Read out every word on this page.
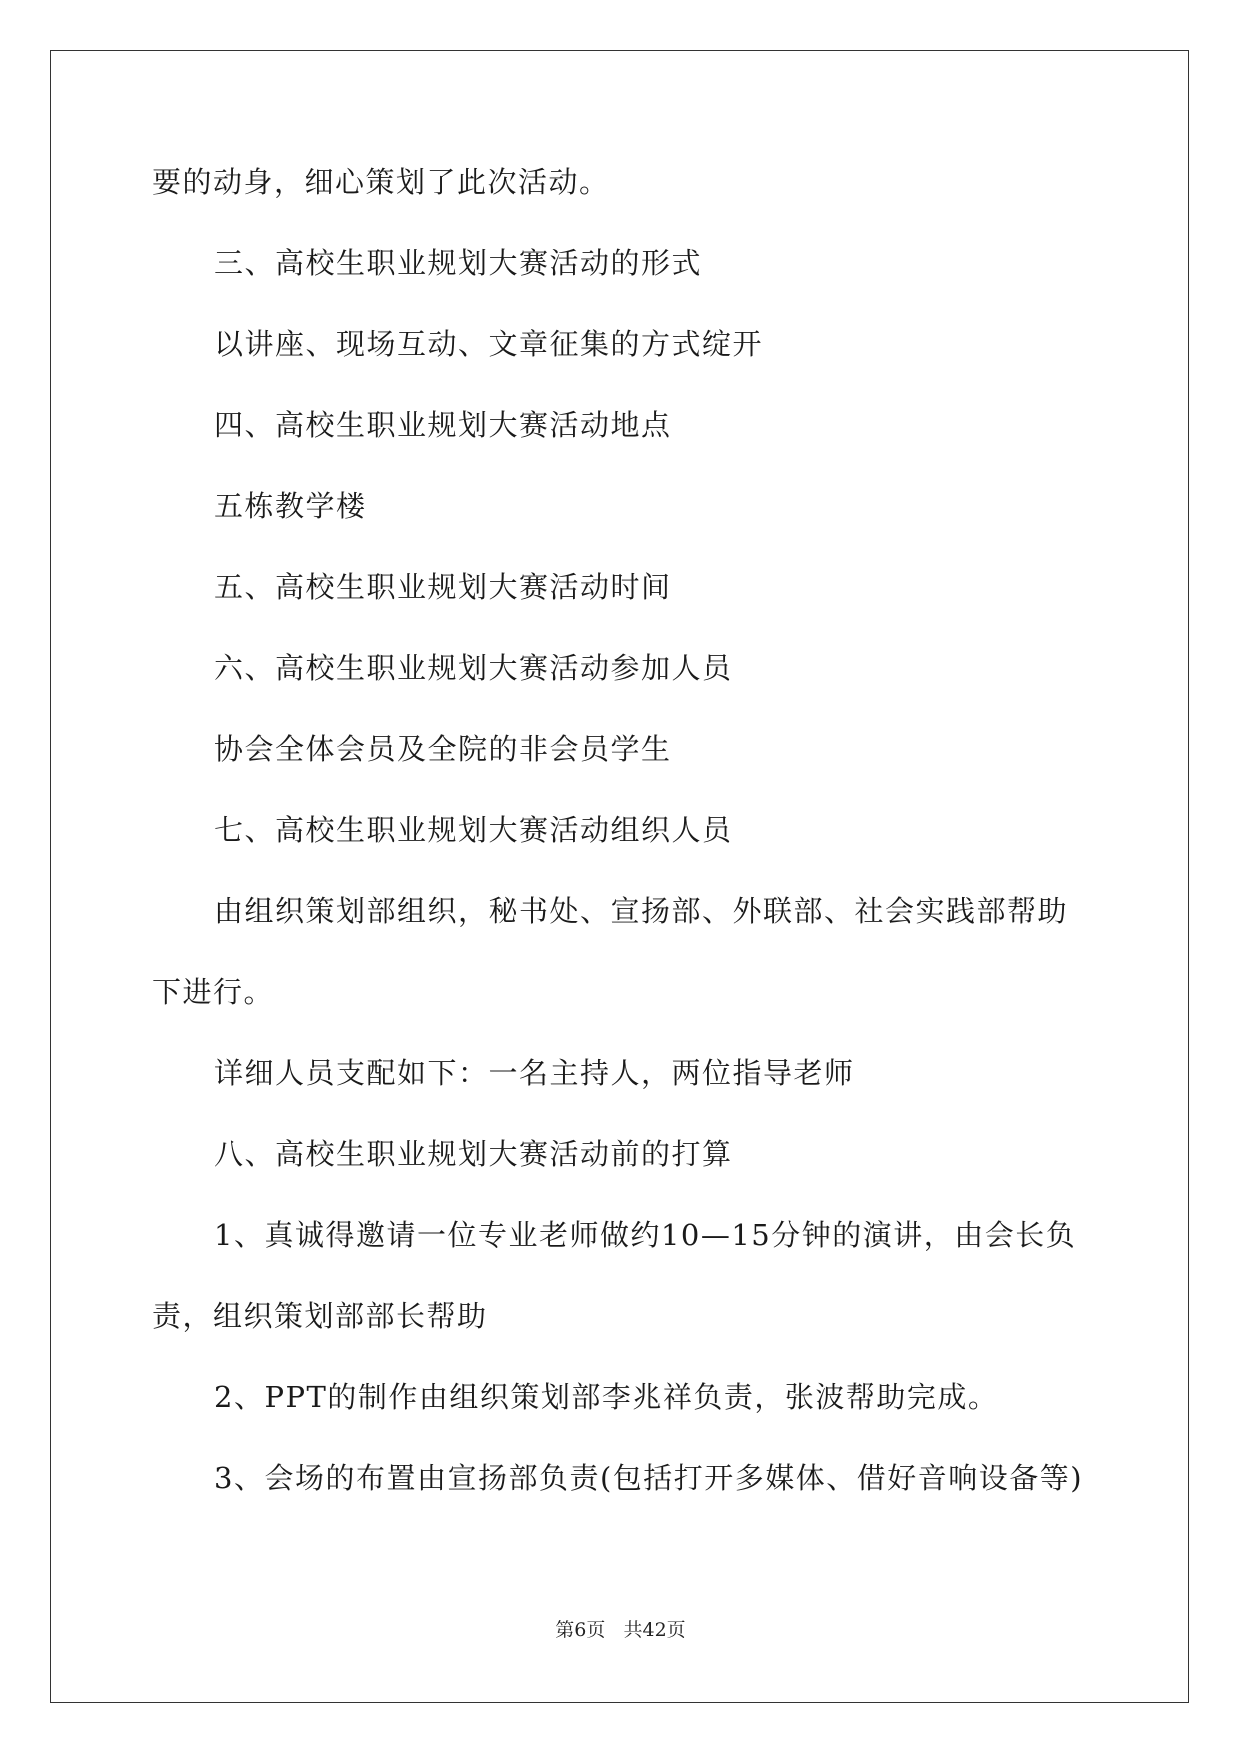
要的动身，细心策划了此次活动。
三、高校生职业规划大赛活动的形式
以讲座、现场互动、文章征集的方式绽开
四、高校生职业规划大赛活动地点
五栋教学楼
五、高校生职业规划大赛活动时间
六、高校生职业规划大赛活动参加人员
协会全体会员及全院的非会员学生
七、高校生职业规划大赛活动组织人员
由组织策划部组织，秘书处、宣扬部、外联部、社会实践部帮助
下进行。
详细人员支配如下：一名主持人，两位指导老师
八、高校生职业规划大赛活动前的打算
1、真诚得邀请一位专业老师做约10—15分钟的演讲，由会长负
责，组织策划部部长帮助
2、PPT的制作由组织策划部李兆祥负责，张波帮助完成。
3、会场的布置由宣扬部负责(包括打开多媒体、借好音响设备等)
第6页   共42页
